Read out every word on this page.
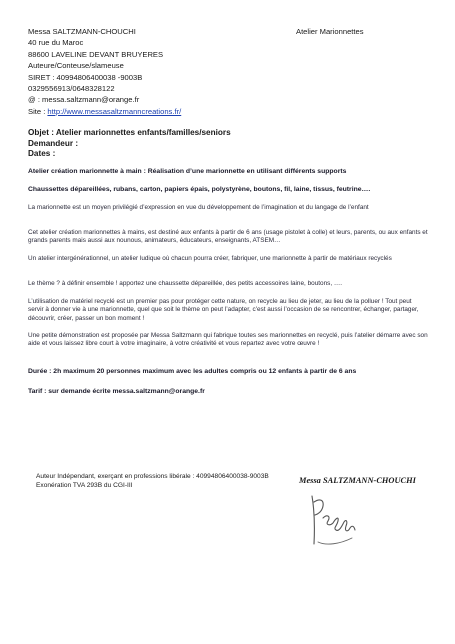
Messa SALTZMANN-CHOUCHI
40 rue du Maroc
88600 LAVELINE DEVANT BRUYERES
Auteure/Conteuse/slameuse
SIRET : 40994806400038 -9003B
0329556913/0648328122
@ : messa.saltzmann@orange.fr
Site : http://www.messasaltzmanncreations.fr/
Atelier Marionnettes
Objet : Atelier marionnettes enfants/familles/seniors
Demandeur :
Dates :
Atelier création marionnette à main : Réalisation d’une marionnette en utilisant différents supports
Chaussettes dépareillées, rubans, carton, papiers épais, polystyrène, boutons, fil, laine, tissus, feutrine….
La marionnette est un moyen privilégié d’expression en vue du développement de l’imagination et du langage de l’enfant
Cet atelier création marionnettes à mains, est destiné aux enfants à partir de 6 ans (usage pistolet à colle) et leurs, parents, ou aux enfants et grands parents mais aussi aux nounous, animateurs, éducateurs, enseignants, ATSEM…
Un atelier intergénérationnel, un atelier ludique où chacun pourra créer, fabriquer, une marionnette à partir de matériaux recyclés
Le thème ? à définir ensemble ! apportez une chaussette dépareillée, des petits accessoires laine, boutons, ….
L’utilisation de matériel recyclé est un premier pas pour protéger cette nature, on recycle au lieu de jeter, au lieu de la polluer ! Tout peut servir à donner vie à une marionnette, quel que soit le thème on peut l’adapter, c'est aussi l’occasion de se rencontrer, échanger, partager, découvrir, créer, passer un bon moment !
Une petite démonstration est proposée par Messa Saltzmann qui fabrique toutes ses marionnettes en recyclé, puis l’atelier démarre avec son aide et vous laissez libre court à votre imaginaire, à votre créativité et vous repartez avec votre œuvre !
Durée : 2h maximum 20 personnes maximum avec les adultes compris ou 12 enfants à partir de 6 ans
Tarif : sur demande écrite messa.saltzmann@orange.fr
Auteur Indépendant, exerçant en professions libérale : 40994806400038-9003B
Exonération TVA 293B du CGI-III
Messa SALTZMANN-CHOUCHI
